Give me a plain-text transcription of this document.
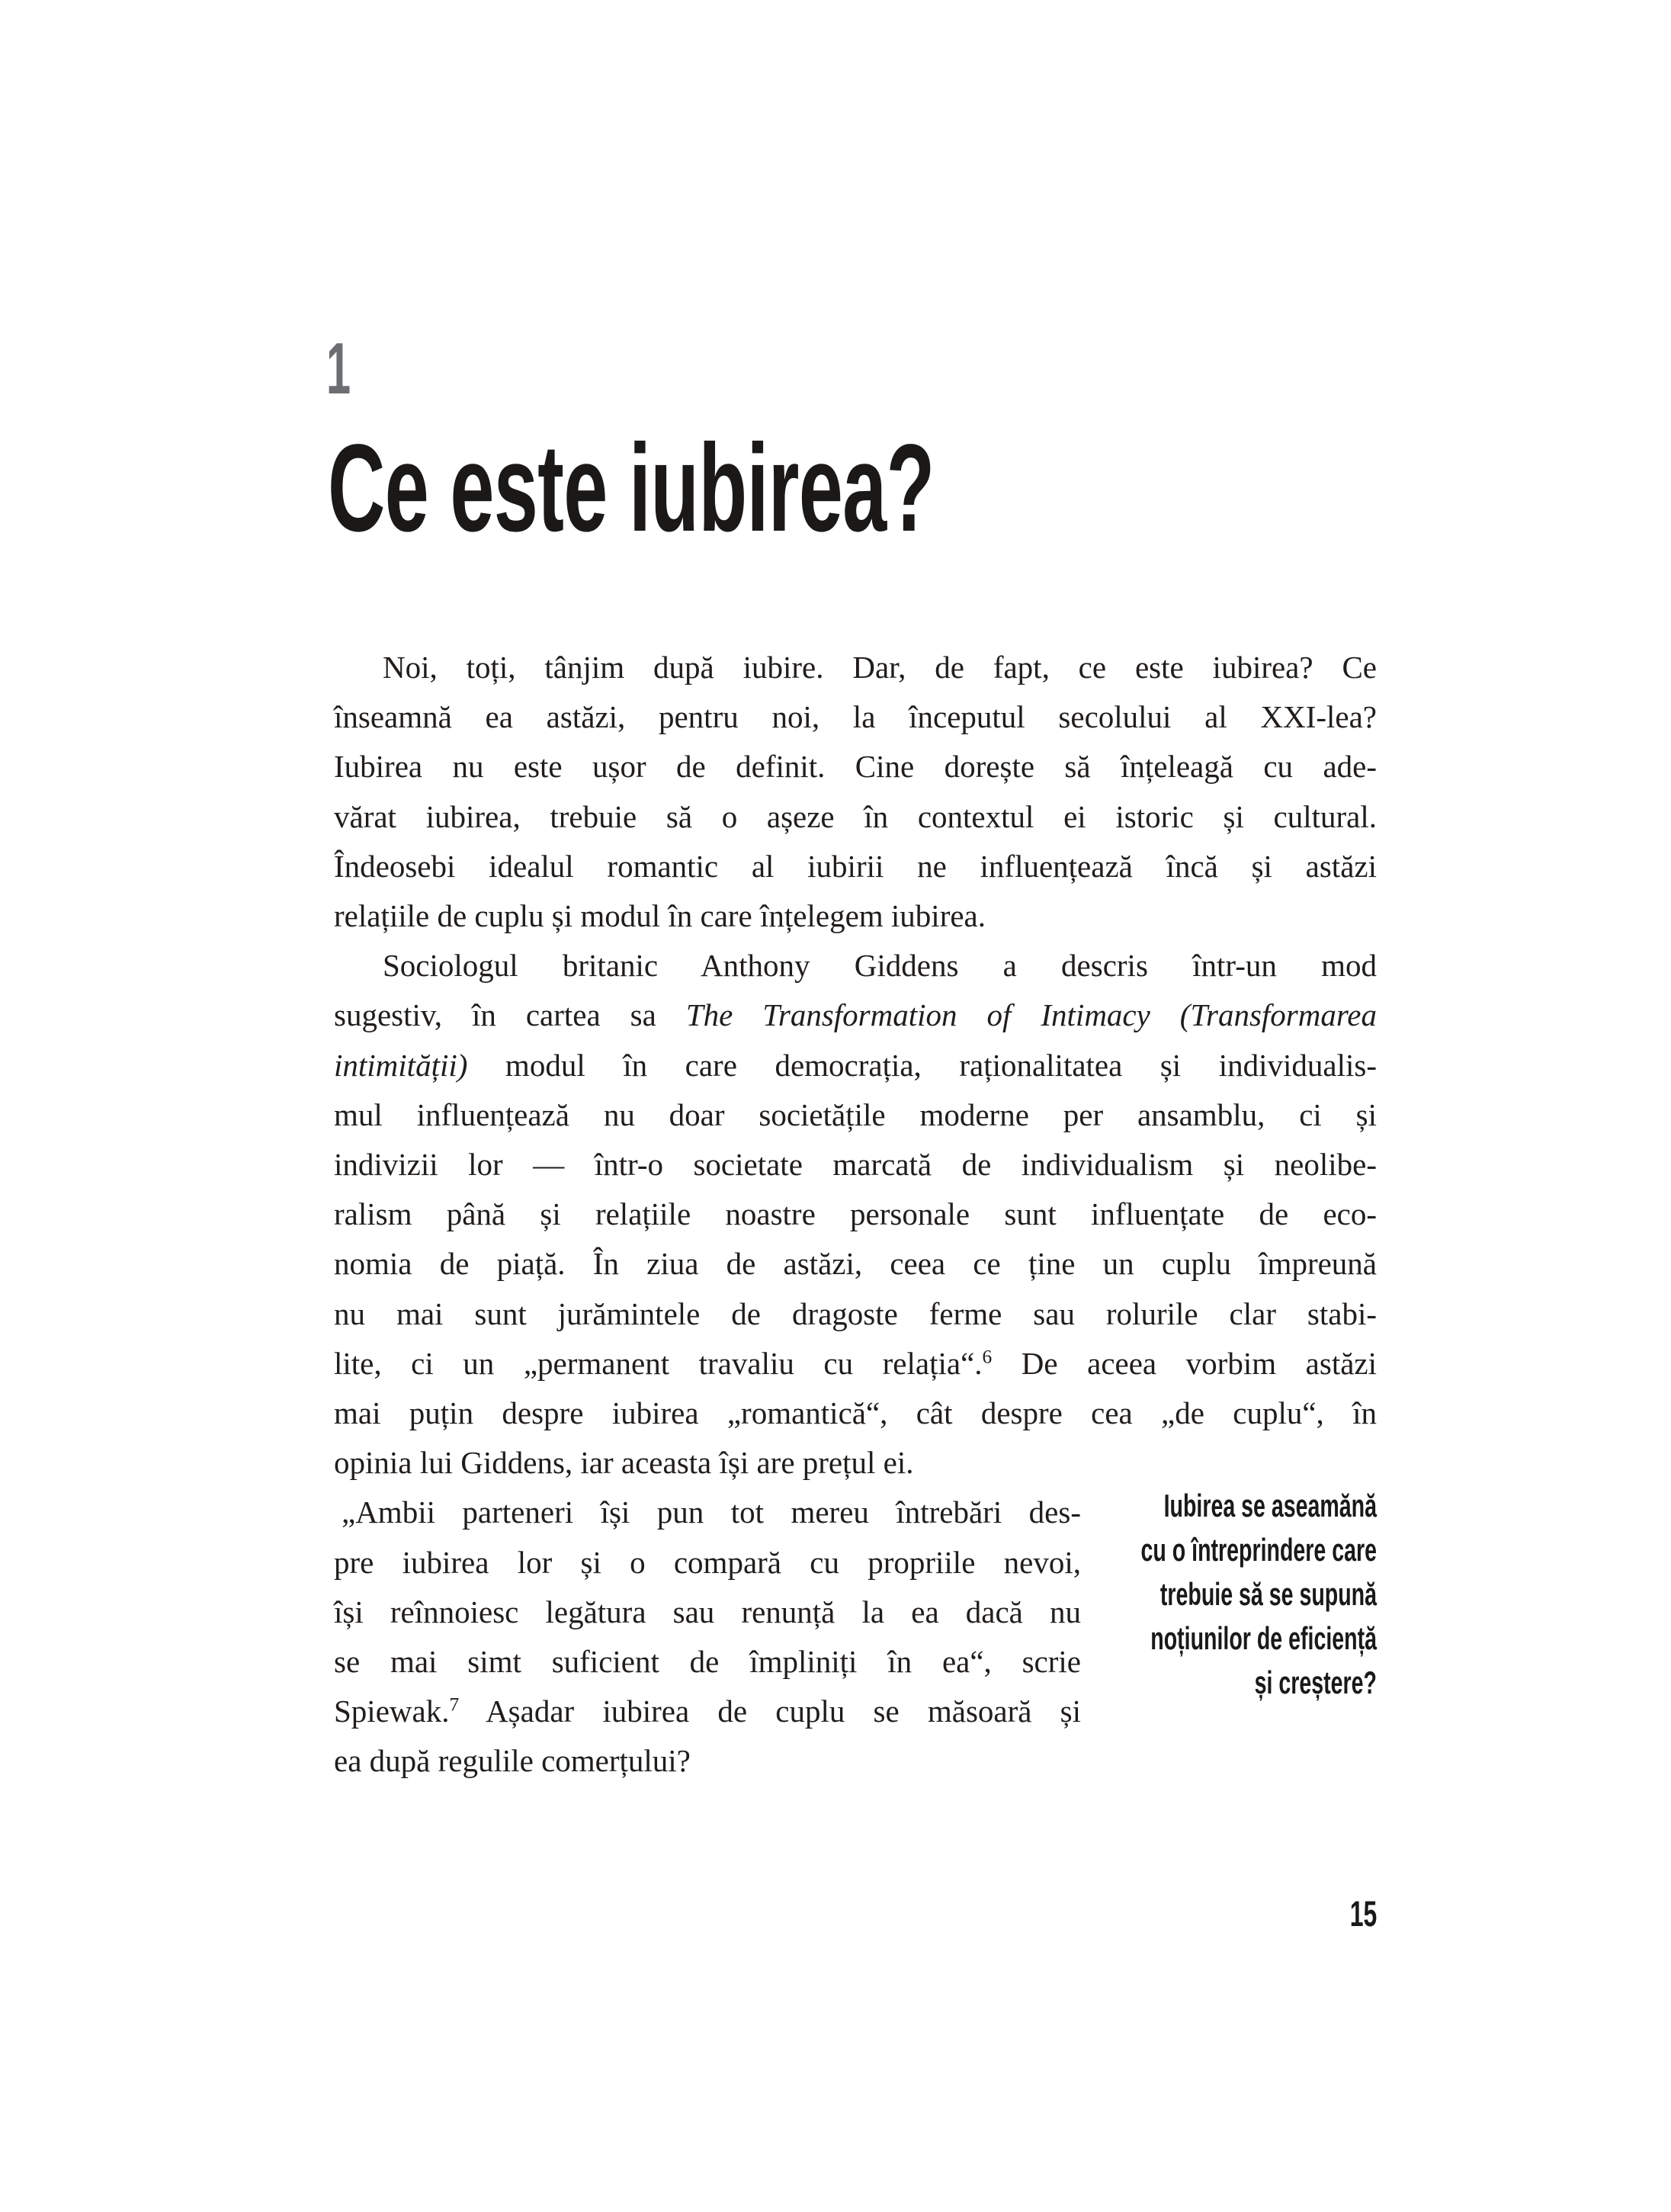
1
Ce este iubirea?
Noi, toți, tânjim după iubire. Dar, de fapt, ce este iubirea? Ce
înseamnă ea astăzi, pentru noi, la începutul secolului al XXI-lea?
Iubirea nu este ușor de definit. Cine dorește să înțeleagă cu ade-
vărat iubirea, trebuie să o așeze în contextul ei istoric și cultural.
Îndeosebi idealul romantic al iubirii ne influențează încă și astăzi
relațiile de cuplu și modul în care înțelegem iubirea.
Sociologul britanic Anthony Giddens a descris într-un mod
sugestiv, în cartea sa The Transformation of Intimacy (Transformarea
intimității) modul în care democrația, raționalitatea și individualis-
mul influențează nu doar societățile moderne per ansamblu, ci și
indivizii lor — într-o societate marcată de individualism și neolibe-
ralism până și relațiile noastre personale sunt influențate de eco-
nomia de piață. În ziua de astăzi, ceea ce ține un cuplu împreună
nu mai sunt jurămintele de dragoste ferme sau rolurile clar stabi-
lite, ci un „permanent travaliu cu relația“.$^6$ De aceea vorbim astăzi
mai puțin despre iubirea „romantică“, cât despre cea „de cuplu“, în
opinia lui Giddens, iar aceasta își are prețul ei.
„Ambii parteneri își pun tot mereu întrebări des-
pre iubirea lor și o compară cu propriile nevoi,
își reînnoiesc legătura sau renunță la ea dacă nu
se mai simt suficient de împliniți în ea“, scrie
Spiewak.$^7$ Așadar iubirea de cuplu se măsoară și
ea după regulile comerțului?
Iubirea se aseamănă
cu o întreprindere care
trebuie să se supună
noțiunilor de eficiență
și creștere?
15
